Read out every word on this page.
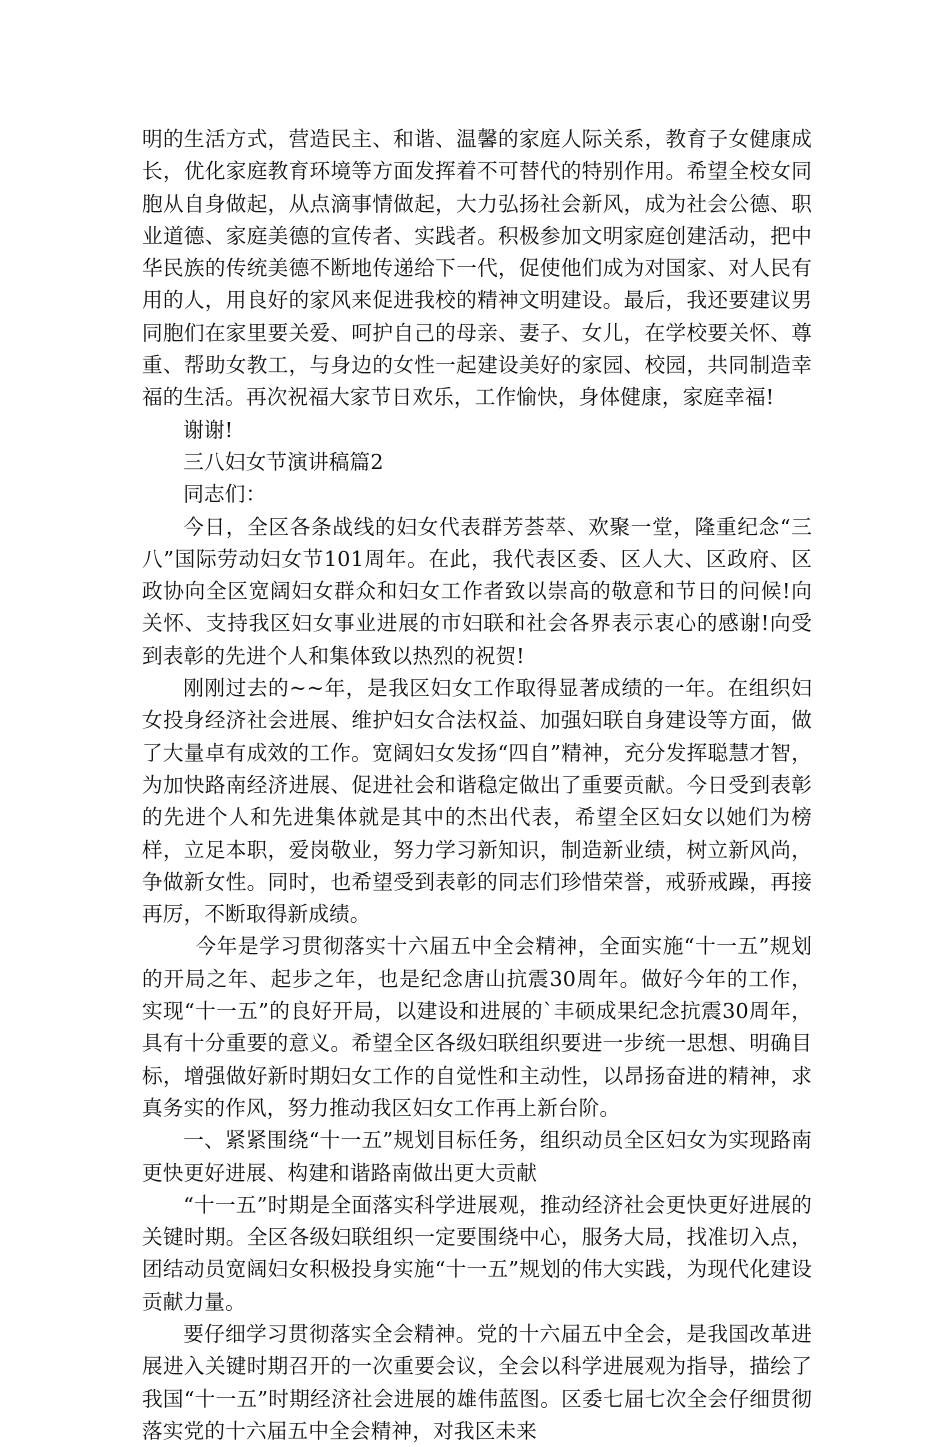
明的生活方式，营造民主、和谐、温馨的家庭人际关系，教育子女健康成长，优化家庭教育环境等方面发挥着不可替代的特别作用。希望全校女同胞从自身做起，从点滴事情做起，大力弘扬社会新风，成为社会公德、职业道德、家庭美德的宣传者、实践者。积极参加文明家庭创建活动，把中华民族的传统美德不断地传递给下一代，促使他们成为对国家、对人民有用的人，用良好的家风来促进我校的精神文明建设。最后，我还要建议男同胞们在家里要关爱、呵护自己的母亲、妻子、女儿，在学校要关怀、尊重、帮助女教工，与身边的女性一起建设美好的家园、校园，共同制造幸福的生活。再次祝福大家节日欢乐，工作愉快，身体健康，家庭幸福!

谢谢!

三八妇女节演讲稿篇2

同志们：

今日，全区各条战线的妇女代表群芳荟萃、欢聚一堂，隆重纪念“三八”国际劳动妇女节101周年。在此，我代表区委、区人大、区政府、区政协向全区宽阔妇女群众和妇女工作者致以崇高的敬意和节日的问候!向关怀、支持我区妇女事业进展的市妇联和社会各界表示衷心的感谢!向受到表彰的先进个人和集体致以热烈的祝贺!

刚刚过去的~~年，是我区妇女工作取得显著成绩的一年。在组织妇女投身经济社会进展、维护妇女合法权益、加强妇联自身建设等方面，做了大量卓有成效的工作。宽阔妇女发扬“四自”精神，充分发挥聪慧才智，为加快路南经济进展、促进社会和谐稳定做出了重要贡献。今日受到表彰的先进个人和先进集体就是其中的杰出代表，希望全区妇女以她们为榜样，立足本职，爱岗敬业，努力学习新知识，制造新业绩，树立新风尚，争做新女性。同时，也希望受到表彰的同志们珍惜荣誉，戒骄戒躁，再接再厉，不断取得新成绩。

今年是学习贯彻落实十六届五中全会精神，全面实施“十一五”规划的开局之年、起步之年，也是纪念唐山抗震30周年。做好今年的工作，实现“十一五”的良好开局，以建设和进展的`丰硕成果纪念抗震30周年，具有十分重要的意义。希望全区各级妇联组织要进一步统一思想、明确目标，增强做好新时期妇女工作的自觉性和主动性，以昂扬奋进的精神，求真务实的作风，努力推动我区妇女工作再上新台阶。

一、紧紧围绕“十一五”规划目标任务，组织动员全区妇女为实现路南更快更好进展、构建和谐路南做出更大贡献

“十一五”时期是全面落实科学进展观，推动经济社会更快更好进展的关键时期。全区各级妇联组织一定要围绕中心，服务大局，找准切入点，团结动员宽阔妇女积极投身实施“十一五”规划的伟大实践，为现代化建设贡献力量。

要仔细学习贯彻落实全会精神。党的十六届五中全会，是我国改革进展进入关键时期召开的一次重要会议，全会以科学进展观为指导，描绘了我国“十一五”时期经济社会进展的雄伟蓝图。区委七届七次全会仔细贯彻落实党的十六届五中全会精神，对我区未来
